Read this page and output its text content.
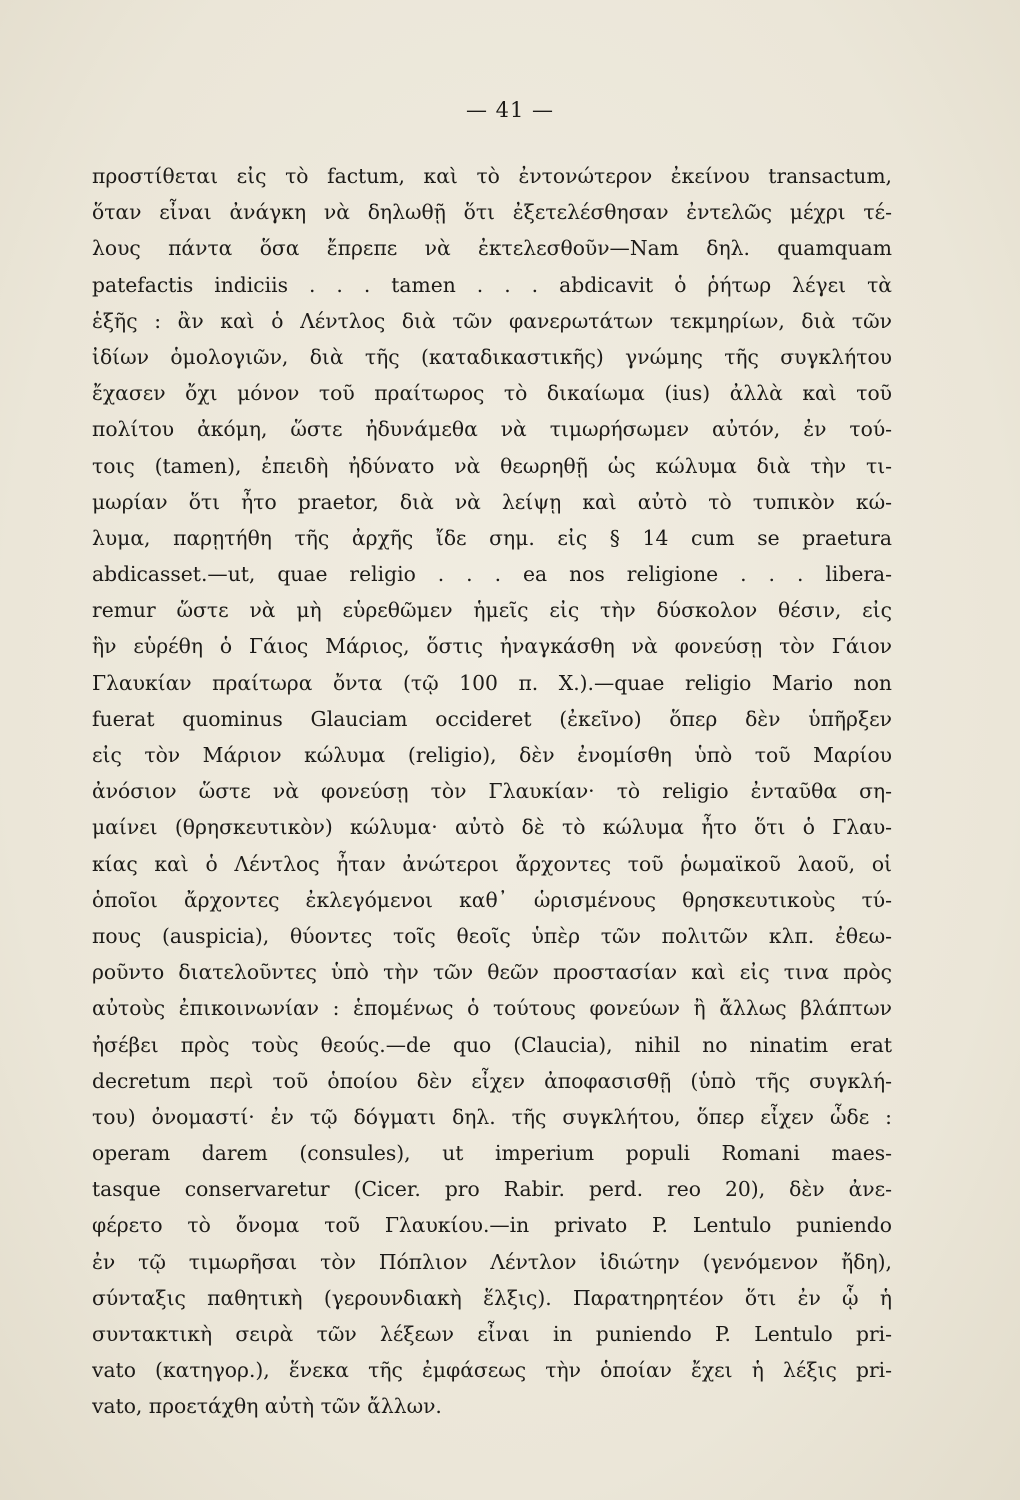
— 41 —
προστίθεται εἰς τὸ factum, καὶ τὸ ἐντονώτερον ἐκείνου transactum,
ὅταν εἶναι ἀνάγκη νὰ δηλωθῇ ὅτι ἐξετελέσθησαν ἐντελῶς μέχρι τέ-
λους πάντα ὅσα ἔπρεπε νὰ ἐκτελεσθοῦν—Nam δηλ. quamquam
patefactis indiciis . . . tamen . . . abdicavit ὁ ῥήτωρ λέγει τὰ
ἑξῆς : ἂν καὶ ὁ Λέντλος διὰ τῶν φανερωτάτων τεκμηρίων, διὰ τῶν
ἰδίων ὁμολογιῶν, διὰ τῆς (καταδικαστικῆς) γνώμης τῆς συγκλήτου
ἔχασεν ὄχι μόνον τοῦ πραίτωρος τὸ δικαίωμα (ius) ἀλλὰ καὶ τοῦ
πολίτου ἀκόμη, ὥστε ἠδυνάμεθα νὰ τιμωρήσωμεν αὐτόν, ἐν τού-
τοις (tamen), ἐπειδὴ ἠδύνατο νὰ θεωρηθῇ ὡς κώλυμα διὰ τὴν τι-
μωρίαν ὅτι ἦτο praetor, διὰ νὰ λείψῃ καὶ αὐτὸ τὸ τυπικὸν κώ-
λυμα, παρῃτήθη τῆς ἀρχῆς ἴδε σημ. εἰς § 14 cum se praetura
abdicasset.—ut, quae religio . . . ea nos religione . . . libera-
remur ὥστε νὰ μὴ εὑρεθῶμεν ἡμεῖς εἰς τὴν δύσκολον θέσιν, εἰς
ἣν εὑρέθη ὁ Γάιος Μάριος, ὅστις ἠναγκάσθη νὰ φονεύσῃ τὸν Γάιον
Γλαυκίαν πραίτωρα ὄντα (τῷ 100 π. Χ.).—quae religio Mario non
fuerat quominus Glauciam occideret (ἐκεῖνο) ὅπερ δὲν ὑπῆρξεν
εἰς τὸν Μάριον κώλυμα (religio), δὲν ἐνομίσθη ὑπὸ τοῦ Μαρίου
ἀνόσιον ὥστε νὰ φονεύσῃ τὸν Γλαυκίαν· τὸ religio ἐνταῦθα ση-
μαίνει (θρησκευτικὸν) κώλυμα· αὐτὸ δὲ τὸ κώλυμα ἦτο ὅτι ὁ Γλαυ-
κίας καὶ ὁ Λέντλος ἦταν ἀνώτεροι ἄρχοντες τοῦ ῥωμαϊκοῦ λαοῦ, οἱ
ὁποῖοι ἄρχοντες ἐκλεγόμενοι καθ᾽ ὡρισμένους θρησκευτικοὺς τύ-
πους (auspicia), θύοντες τοῖς θεοῖς ὑπὲρ τῶν πολιτῶν κλπ. ἐθεω-
ροῦντο διατελοῦντες ὑπὸ τὴν τῶν θεῶν προστασίαν καὶ εἰς τινα πρὸς
αὐτοὺς ἐπικοινωνίαν : ἑπομένως ὁ τούτους φονεύων ἢ ἄλλως βλάπτων
ἠσέβει πρὸς τοὺς θεούς.—de quo (Claucia), nihil no ninatim erat
decretum περὶ τοῦ ὁποίου δὲν εἶχεν ἀποφασισθῇ (ὑπὸ τῆς συγκλή-
του) ὀνομαστί· ἐν τῷ δόγματι δηλ. τῆς συγκλήτου, ὅπερ εἶχεν ὧδε :
operam darem (consules), ut imperium populi Romani maes-
tasque conservaretur (Cicer. pro Rabir. perd. reo 20), δὲν ἀνε-
φέρετο τὸ ὄνομα τοῦ Γλαυκίου.—in privato P. Lentulo puniendo
ἐν τῷ τιμωρῆσαι τὸν Πόπλιον Λέντλον ἰδιώτην (γενόμενον ἤδη),
σύνταξις παθητικὴ (γερουνδιακὴ ἕλξις). Παρατηρητέον ὅτι ἐν ᾧ ἡ
συντακτικὴ σειρὰ τῶν λέξεων εἶναι in puniendo P. Lentulo pri-
vato (κατηγορ.), ἕνεκα τῆς ἐμφάσεως τὴν ὁποίαν ἔχει ἡ λέξις pri-
vato, προετάχθη αὐτὴ τῶν ἄλλων.
